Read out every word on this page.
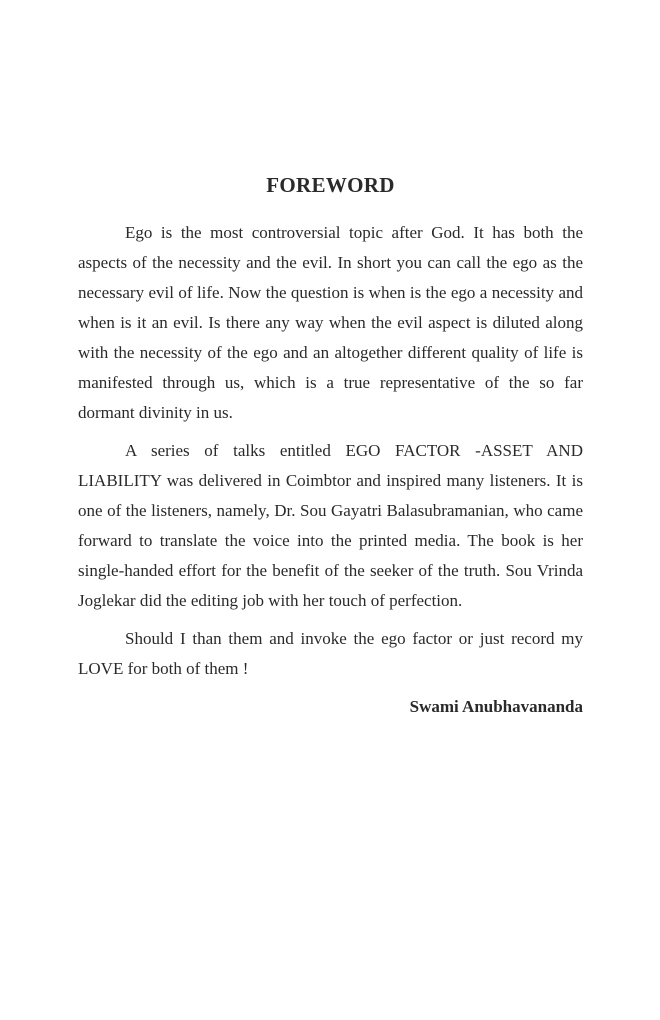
FOREWORD

Ego is the most controversial topic after God. It has both the aspects of the necessity and the evil. In short you can call the ego as the necessary evil of life. Now the question is when is the ego a necessity and when is it an evil. Is there any way when the evil aspect is diluted along with the necessity of the ego and an altogether different quality of life is manifested through us, which is a true representative of the so far dormant divinity in us.

A series of talks entitled EGO FACTOR -ASSET AND LIABILITY was delivered in Coimbtor and inspired many listeners. It is one of the listeners, namely, Dr. Sou Gayatri Balasubramanian, who came forward to translate the voice into the printed media. The book is her single-handed effort for the benefit of the seeker of the truth. Sou Vrinda Joglekar did the editing job with her touch of perfection.

Should I than them and invoke the ego factor or just record my LOVE for both of them !

Swami Anubhavananda
